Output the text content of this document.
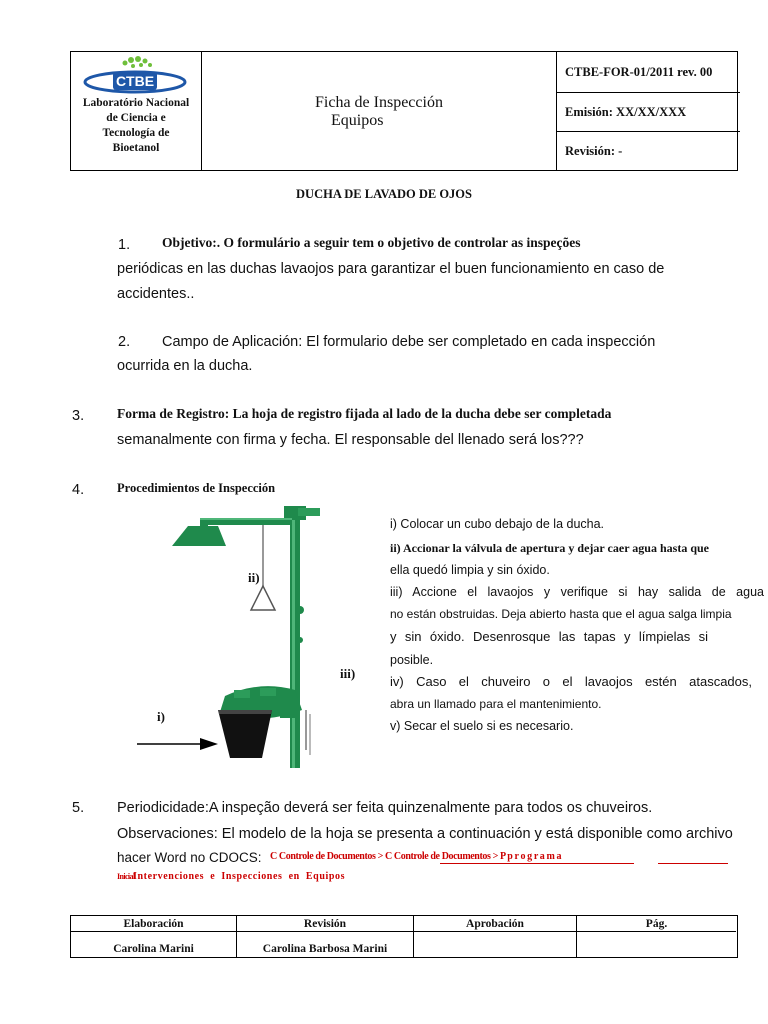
CTBE
Laboratório Nacional
de Ciencia e
Tecnología de
Bioetanol
Ficha de Inspección
Equipos
CTBE-FOR-01/2011 rev. 00
Emisión: XX/XX/XXX
Revisión: -
DUCHA DE LAVADO DE OJOS
1. Objetivo:. O formulário a seguir tem o objetivo de controlar as inspeções
periódicas en las duchas lavaojos para garantizar el buen funcionamiento en caso de
accidentes..
2. Campo de Aplicación: El formulario debe ser completado en cada inspección
ocurrida en la ducha.
3. Forma de Registro: La hoja de registro fijada al lado de la ducha debe ser completada
semanalmente con firma y fecha. El responsable del llenado será los???
4.	Procedimientos de Inspección
ii)
iii)
i)
i) Colocar un cubo debajo de la ducha.
ii) Accionar la válvula de apertura y dejar caer agua hasta que
ella quedó limpia y sin óxido.
iii) Accione el lavaojos y verifique si hay salida de agua
no están obstruidas. Deja abierto hasta que el agua salga limpia
y sin óxido. Desenrosque las tapas y límpielas si
posible.
iv) Caso el chuveiro o el lavaojos estén atascados,
abra un llamado para el mantenimiento.
v) Secar el suelo si es necesario.
5. Periodicidade:A inspeção deverá ser feita quinzenalmente para todos os chuveiros.
Observaciones: El modelo de la hoja se presenta a continuación y está disponible como archivo
hacer Word no CDOCS: C Controle de Documentos > C Controle de Documentos > P p r o g r a m a
Inicial
Intervenciones e Inspecciones en Equipos
Elaboración
Carolina Marini
Revisión
Carolina Barbosa Marini
Aprobación	Pág.
